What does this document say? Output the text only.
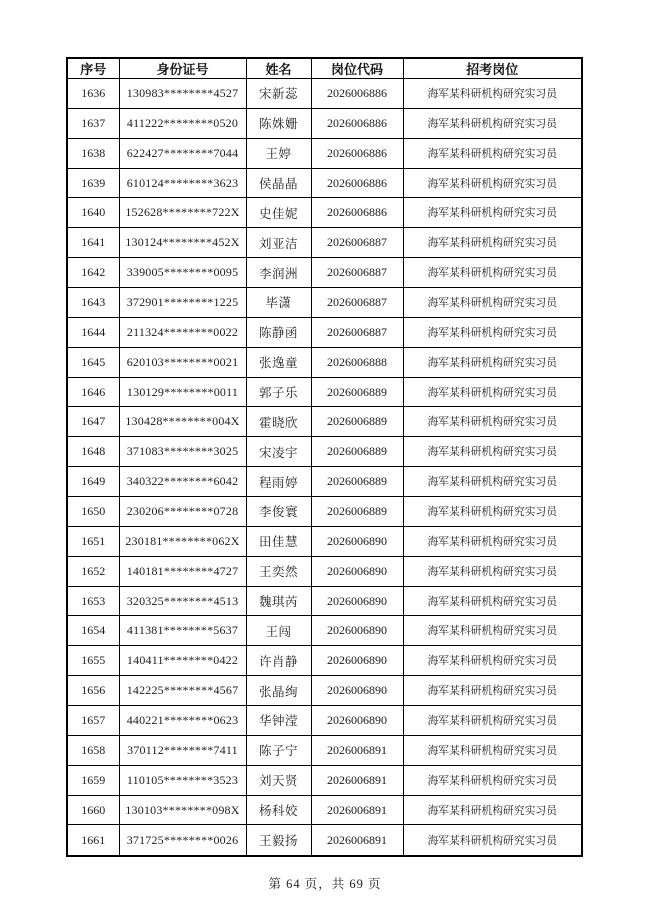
序号	身份证号	姓名	岗位代码	招考岗位
1636	130983********4527	宋新蕊	2026006886	海军某科研机构研究实习员
1637	411222********0520	陈姝姗	2026006886	海军某科研机构研究实习员
1638	622427********7044	王婷	2026006886	海军某科研机构研究实习员
1639	610124********3623	侯晶晶	2026006886	海军某科研机构研究实习员
1640	152628********722X	史佳妮	2026006886	海军某科研机构研究实习员
1641	130124********452X	刘亚洁	2026006887	海军某科研机构研究实习员
1642	339005********0095	李润洲	2026006887	海军某科研机构研究实习员
1643	372901********1225	毕潇	2026006887	海军某科研机构研究实习员
1644	211324********0022	陈静函	2026006887	海军某科研机构研究实习员
1645	620103********0021	张逸童	2026006888	海军某科研机构研究实习员
1646	130129********0011	郭子乐	2026006889	海军某科研机构研究实习员
1647	130428********004X	霍晓欣	2026006889	海军某科研机构研究实习员
1648	371083********3025	宋凌宇	2026006889	海军某科研机构研究实习员
1649	340322********6042	程雨婷	2026006889	海军某科研机构研究实习员
1650	230206********0728	李俊寰	2026006889	海军某科研机构研究实习员
1651	230181********062X	田佳慧	2026006890	海军某科研机构研究实习员
1652	140181********4727	王奕然	2026006890	海军某科研机构研究实习员
1653	320325********4513	魏琪芮	2026006890	海军某科研机构研究实习员
1654	411381********5637	王闯	2026006890	海军某科研机构研究实习员
1655	140411********0422	许肖静	2026006890	海军某科研机构研究实习员
1656	142225********4567	张晶绚	2026006890	海军某科研机构研究实习员
1657	440221********0623	华钟滢	2026006890	海军某科研机构研究实习员
1658	370112********7411	陈子宁	2026006891	海军某科研机构研究实习员
1659	110105********3523	刘天贤	2026006891	海军某科研机构研究实习员
1660	130103********098X	杨科姣	2026006891	海军某科研机构研究实习员
1661	371725********0026	王毅扬	2026006891	海军某科研机构研究实习员
第 64 页，共 69 页
